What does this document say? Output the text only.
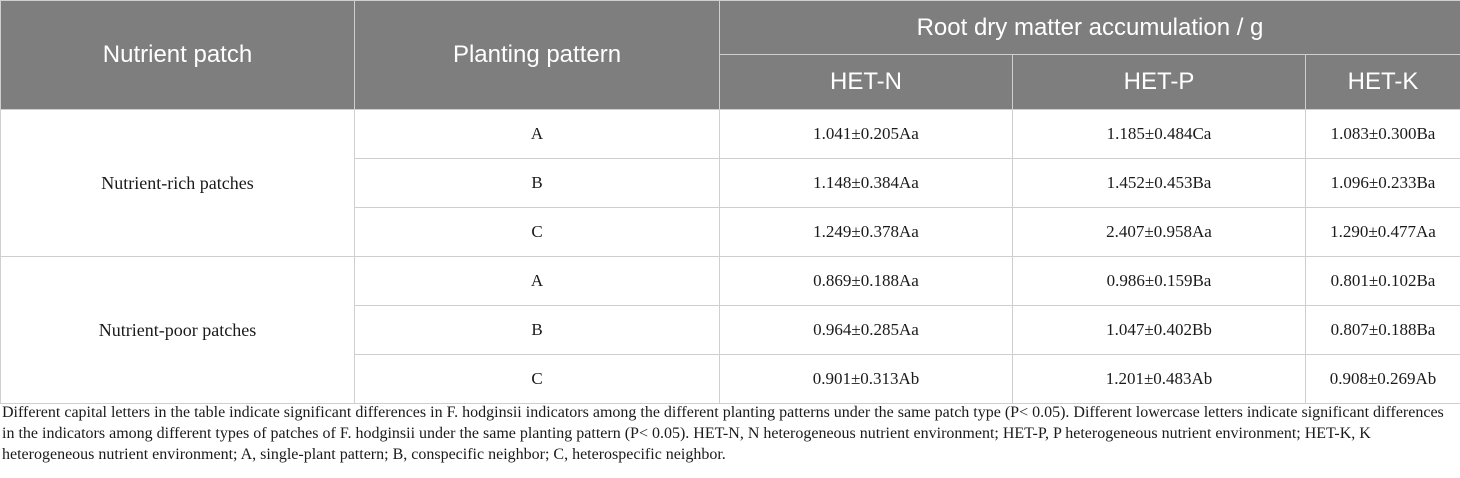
Nutrient patch	Planting pattern	Root dry matter accumulation / g		
		HET-N	HET-P	HET-K
Nutrient-rich patches	A	1.041±0.205Aa	1.185±0.484Ca	1.083±0.300Ba
	B	1.148±0.384Aa	1.452±0.453Ba	1.096±0.233Ba
	C	1.249±0.378Aa	2.407±0.958Aa	1.290±0.477Aa
Nutrient-poor patches	A	0.869±0.188Aa	0.986±0.159Ba	0.801±0.102Ba
	B	0.964±0.285Aa	1.047±0.402Bb	0.807±0.188Ba
	C	0.901±0.313Ab	1.201±0.483Ab	0.908±0.269Ab

Different capital letters in the table indicate significant differences in F. hodginsii indicators among the different planting patterns under the same patch type (P< 0.05). Different lowercase letters indicate significant differences in the indicators among different types of patches of F. hodginsii under the same planting pattern (P< 0.05). HET-N, N heterogeneous nutrient environment; HET-P, P heterogeneous nutrient environment; HET-K, K heterogeneous nutrient environment; A, single-plant pattern; B, conspecific neighbor; C, heterospecific neighbor.
